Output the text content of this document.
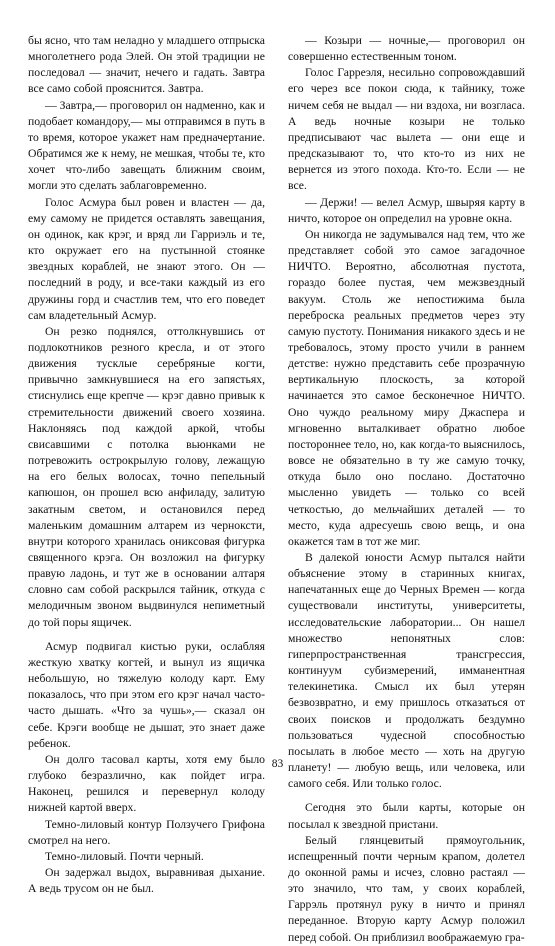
бы ясно, что там неладно у младшего отпрыска многолетнего рода Элей. Он этой традиции не последовал — значит, нечего и гадать. Завтра все само собой прояснится. Завтра.

— Завтра,— проговорил он надменно, как и подобает командору,— мы отправимся в путь в то время, которое укажет нам предначертание. Обратимся же к нему, не мешкая, чтобы те, кто хочет что-либо завещать ближним своим, могли это сделать заблаговременно.

Голос Асмура был ровен и властен — да, ему самому не придется оставлять завещания, он одинок, как крэг, и вряд ли Гарриэль и те, кто окружает его на пустынной стоянке звездных кораблей, не знают этого. Он — последний в роду, и все-таки каждый из его дружины горд и счастлив тем, что его поведет сам владетельный Асмур.

Он резко поднялся, оттолкнувшись от подлокотников резного кресла, и от этого движения тусклые серебряные когти, привычно замкнувшиеся на его запястьях, стиснулись еще крепче — крэг давно привык к стремительности движений своего хозяина. Наклоняясь под каждой аркой, чтобы свисавшими с потолка вьюнками не потревожить острокрылую голову, лежащую на его белых волосах, точно пепельный капюшон, он прошел всю анфиладу, залитую закатным светом, и остановился перед маленьким домашним алтарем из черноксти, внутри которого хранилась ониксовая фигурка священного крэга. Он возложил на фигурку правую ладонь, и тут же в основании алтаря словно сам собой раскрылся тайник, откуда с мелодичным звоном выдвинулся непиметный до той поры ящичек.

Асмур подвигал кистью руки, ослабляя жесткую хватку когтей, и вынул из ящичка небольшую, но тяжелую колоду карт. Ему показалось, что при этом его крэг начал часто-часто дышать. «Что за чушь»,— сказал он себе. Крэги вообще не дышат, это знает даже ребенок.

Он долго тасовал карты, хотя ему было глубоко безразлично, как пойдет игра. Наконец, решился и перевернул колоду нижней картой вверх.

Темно-лиловый контур Ползучего Грифона смотрел на него.

Темно-лиловый. Почти черный.

Он задержал выдох, выравнивая дыхание. А ведь трусом он не был.

— Козыри — ночные,— проговорил он совершенно естественным тоном.

Голос Гарреэля, несильно сопровождавший его через все покои сюда, к тайнику, тоже ничем себя не выдал — ни вздоха, ни возгласа. А ведь ночные козыри не только предписывают час вылета — они еще и предсказывают то, что кто-то из них не вернется из этого похода. Кто-то. Если — не все.

— Держи! — велел Асмур, швыряя карту в ничто, которое он определил на уровне окна.

Он никогда не задумывался над тем, что же представляет собой это самое загадочное НИЧТО. Вероятно, абсолютная пустота, гораздо более пустая, чем межзвездный вакуум. Столь же непостижима была переброска реальных предметов через эту самую пустоту. Понимания никакого здесь и не требовалось, этому просто учили в раннем детстве: нужно представить себе прозрачную вертикальную плоскость, за которой начинается это самое бесконечное НИЧТО. Оно чуждо реальному миру Джаспера и мгновенно выталкивает обратно любое постороннее тело, но, как когда-то выяснилось, вовсе не обязательно в ту же самую точку, откуда было оно послано. Достаточно мысленно увидеть — только со всей четкостью, до мельчайших деталей — то место, куда адресуешь свою вещь, и она окажется там в тот же миг.

В далекой юности Асмур пытался найти объяснение этому в старинных книгах, напечатанных еще до Черных Времен — когда существовали институты, университеты, исследовательские лаборатории... Он нашел множество непонятных слов: гиперпространственная трансгрессия, континуум субизмерений, имманентная телекинетика. Смысл их был утерян безвозвратно, и ему пришлось отказаться от своих поисков и продолжать бездумно пользоваться чудесной способностью посылать в любое место — хоть на другую планету! — любую вещь, или человека, или самого себя. Или только голос.

Сегодня это были карты, которые он посылал к звездной пристани.

Белый глянцевитый прямоугольник, испещренный почти черным крапом, долетел до оконной рамы и исчез, словно растаял — это значило, что там, у своих кораблей, Гаррэль протянул руку в ничто и принял переданное. Вторую карту Асмур положил перед собой. Он приблизил воображаемую гра-

83
